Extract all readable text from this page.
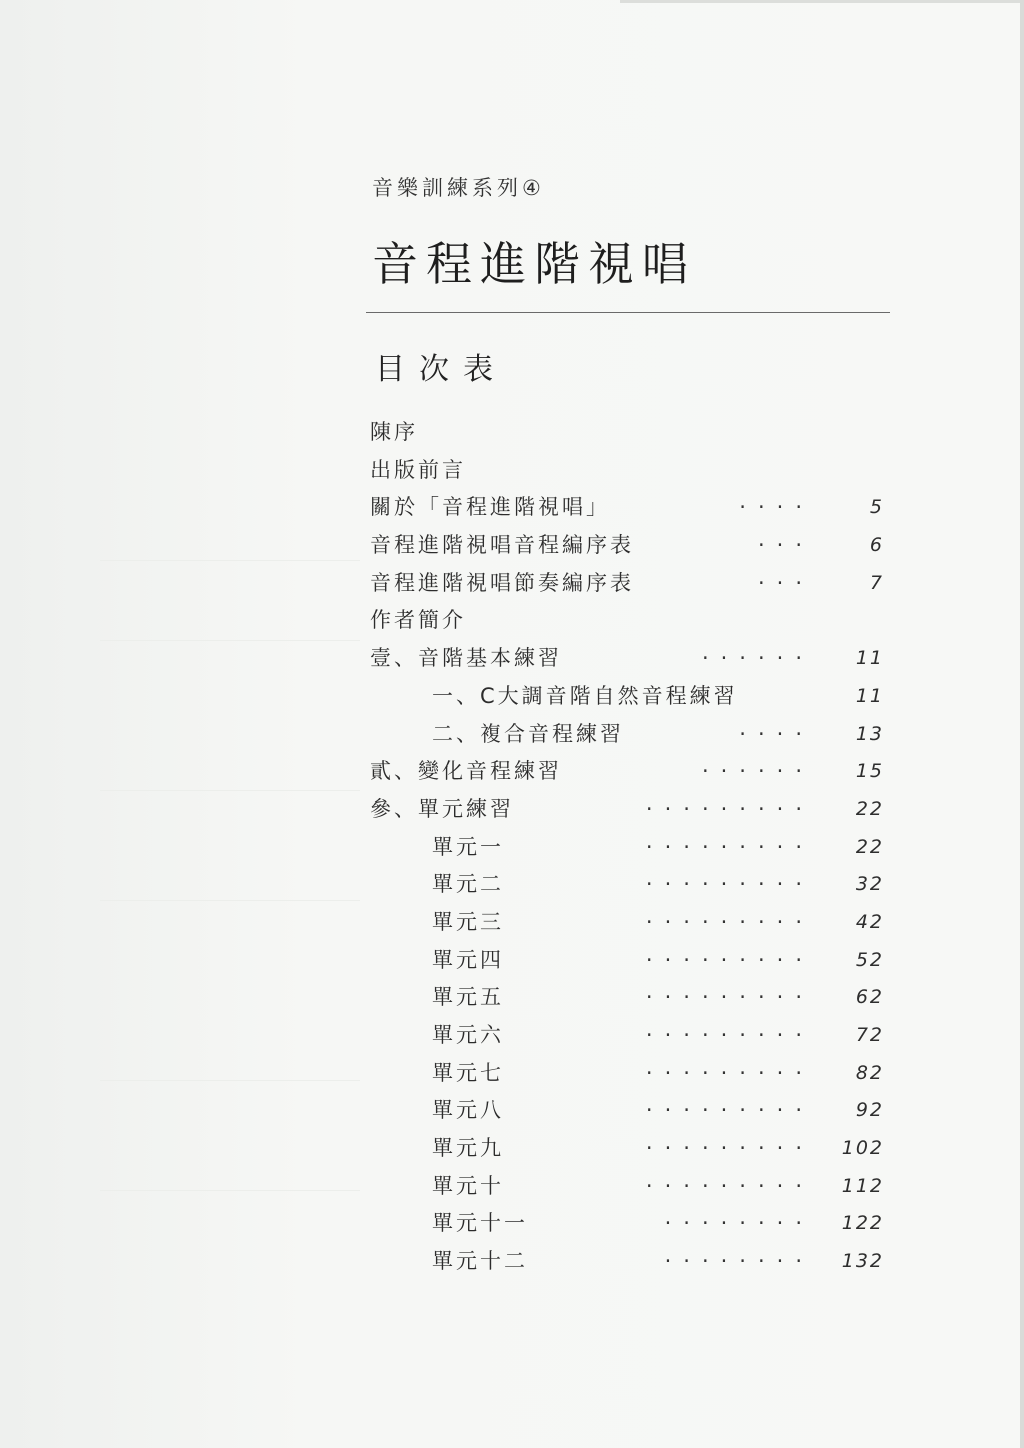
音樂訓練系列④
音程進階視唱
目次表
陳序
出版前言
關於「音程進階視唱」	····	5
音程進階視唱音程編序表	···	6
音程進階視唱節奏編序表	···	7
作者簡介
壹、音階基本練習	······ 11
一、C大調音階自然音程練習	11
二、複合音程練習	···· 13
貳、變化音程練習	······ 15
參、單元練習	········· 22
單元一	········· 22
單元二	········· 32
單元三	········· 42
單元四	········· 52
單元五	········· 62
單元六	········· 72
單元七	········· 82
單元八	········· 92
單元九	········· 102
單元十	········· 112
單元十一	········ 122
單元十二	········ 132
